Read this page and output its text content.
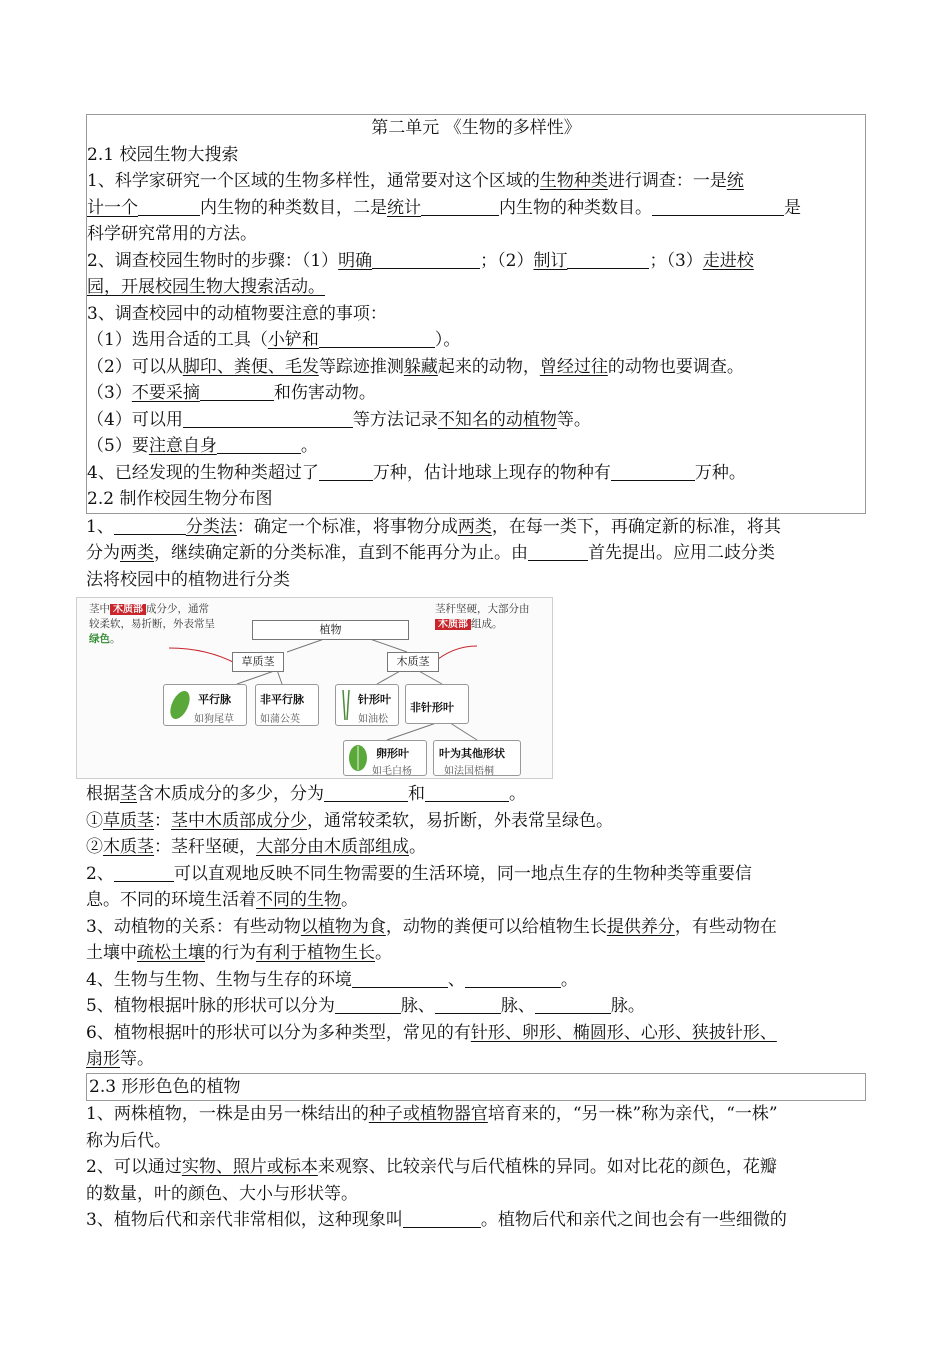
第二单元 《生物的多样性》

2.1 校园生物大搜索

1、科学家研究一个区域的生物多样性，通常要对这个区域的生物种类进行调查：一是统
计一个	内生物的种类数目，二是统计	内生物的种类数目。	是
科学研究常用的方法。

2、调查校园生物时的步骤：（1）明确	；（2）制订	；（3）走进校
园，开展校园生物大搜索活动。

3、调查校园中的动植物要注意的事项：

（1）选用合适的工具（小铲和	）。

（2）可以从脚印、粪便、毛发等踪迹推测躲藏起来的动物，曾经过往的动物也要调查。

（3）不要采摘	和伤害动物。

（4）可以用	等方法记录不知名的动植物等。

（5）要注意自身	。

4、已经发现的生物种类超过了	万种，估计地球上现存的物种有	万种。

2.2 制作校园生物分布图

1、	分类法：确定一个标准，将事物分成两类，在每一类下，再确定新的标准，将其
分为两类，继续确定新的分类标准，直到不能再分为止。由	首先提出。应用二歧分类
法将校园中的植物进行分类

茎中 木质部 成分少，通常
较柔软，易折断，外表常呈
绿色。
茎秆坚硬，大部分由
木质部 组成。
植物
草质茎	木质茎
平行脉
如狗尾草
非平行脉
如蒲公英
针形叶
如油松
非针形叶
卵形叶
如毛白杨
叶为其他形状
如法国梧桐

根据茎含木质成分的多少，分为	和	。

①草质茎：茎中木质部成分少，通常较柔软，易折断，外表常呈绿色。

②木质茎：茎秆坚硬，大部分由木质部组成。

2、	可以直观地反映不同生物需要的生活环境，同一地点生存的生物种类等重要信
息。不同的环境生活着不同的生物。

3、动植物的关系：有些动物以植物为食，动物的粪便可以给植物生长提供养分，有些动物在
土壤中疏松土壤的行为有利于植物生长。

4、生物与生物、生物与生存的环境	、	。

5、植物根据叶脉的形状可以分为	脉、	脉、	脉。

6、植物根据叶的形状可以分为多种类型，常见的有针形、卵形、椭圆形、心形、狭披针形、
扇形等。

2.3 形形色色的植物

1、两株植物，一株是由另一株结出的种子或植物器官培育来的，“另一株”称为亲代，“一株”
称为后代。

2、可以通过实物、照片或标本来观察、比较亲代与后代植株的异同。如对比花的颜色，花瓣
的数量，叶的颜色、大小与形状等。

3、植物后代和亲代非常相似，这种现象叫	。植物后代和亲代之间也会有一些细微的
